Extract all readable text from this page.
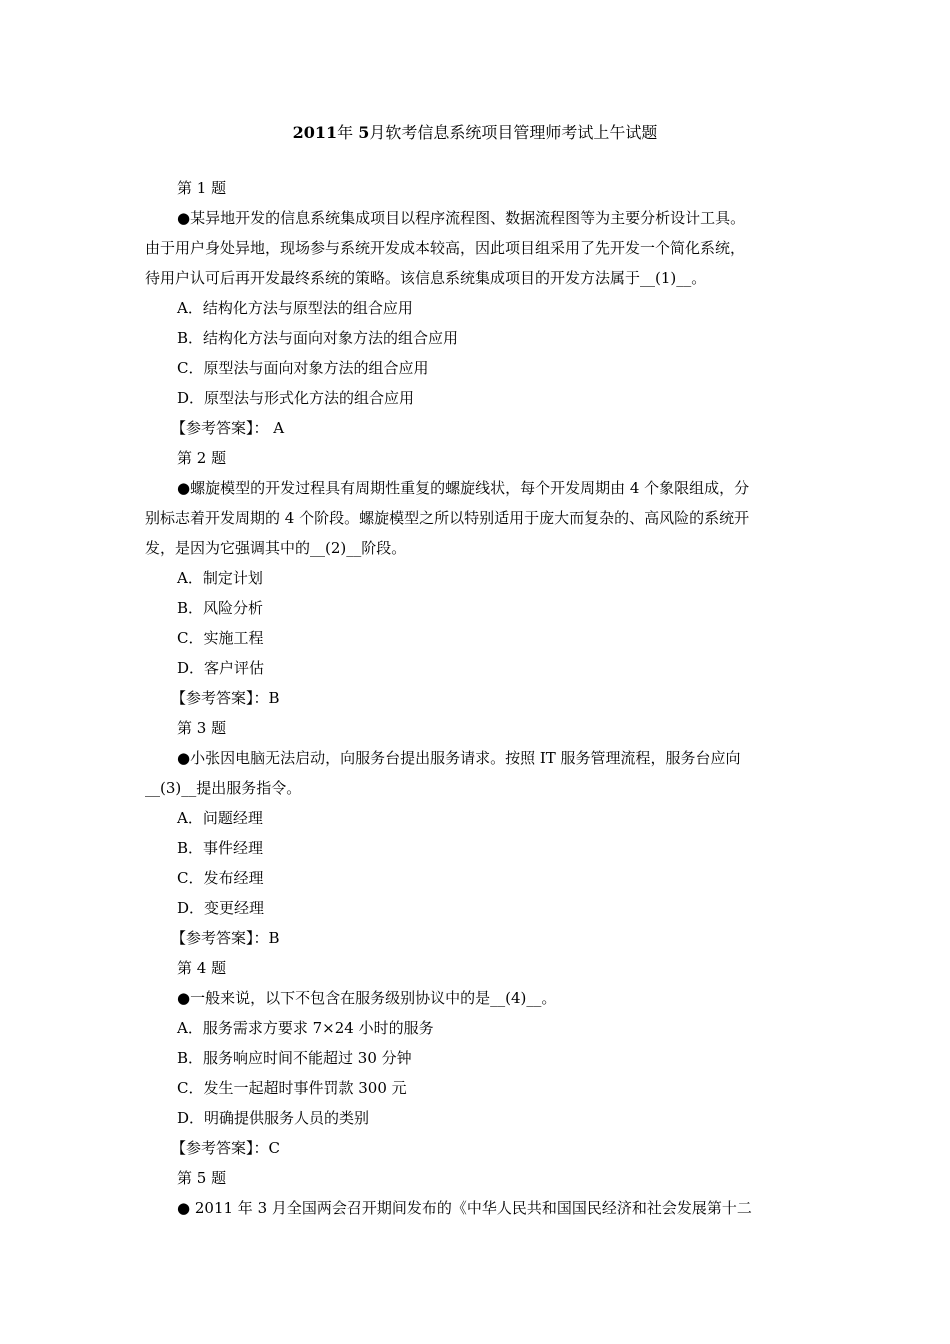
2011年 5月软考信息系统项目管理师考试上午试题
第 1 题
●某异地开发的信息系统集成项目以程序流程图、数据流程图等为主要分析设计工具。
由于用户身处异地，现场参与系统开发成本较高，因此项目组采用了先开发一个简化系统，
待用户认可后再开发最终系统的策略。该信息系统集成项目的开发方法属于__(1)__。
A．结构化方法与原型法的组合应用
B．结构化方法与面向对象方法的组合应用
C．原型法与面向对象方法的组合应用
D．原型法与形式化方法的组合应用
【参考答案】： A
第 2 题
●螺旋模型的开发过程具有周期性重复的螺旋线状，每个开发周期由 4 个象限组成，分
别标志着开发周期的 4 个阶段。螺旋模型之所以特别适用于庞大而复杂的、高风险的系统开
发，是因为它强调其中的__(2)__阶段。
A．制定计划
B．风险分析
C．实施工程
D．客户评估
【参考答案】：B
第 3 题
●小张因电脑无法启动，向服务台提出服务请求。按照 IT 服务管理流程，服务台应向
__(3)__提出服务指令。
A．问题经理
B．事件经理
C．发布经理
D．变更经理
【参考答案】：B
第 4 题
●一般来说，以下不包含在服务级别协议中的是__(4)__。
A．服务需求方要求 7×24 小时的服务
B．服务响应时间不能超过 30 分钟
C．发生一起超时事件罚款 300 元
D．明确提供服务人员的类别
【参考答案】：C
第 5 题
● 2011 年 3 月全国两会召开期间发布的《中华人民共和国国民经济和社会发展第十二
